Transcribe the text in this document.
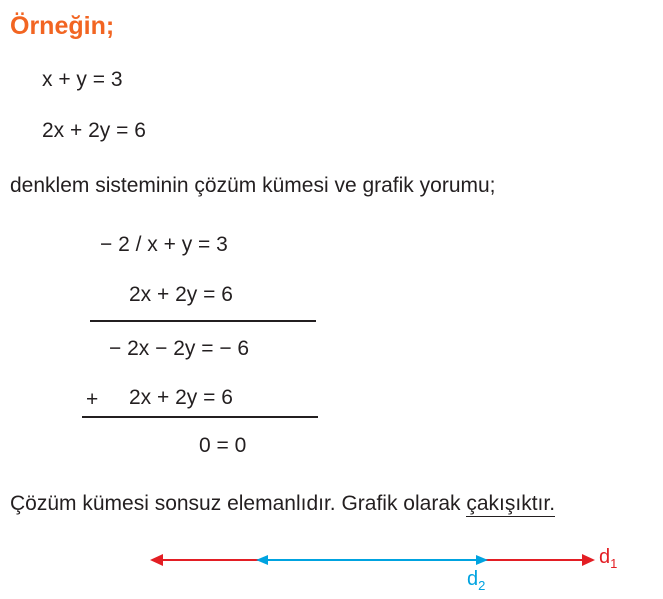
Örneğin;
x + y = 3
2x + 2y = 6
denklem sisteminin çözüm kümesi ve grafik yorumu;
− 2 / x + y = 3
2x + 2y = 6
− 2x − 2y = − 6
+ 2x + 2y = 6
0 = 0
Çözüm kümesi sonsuz elemanlıdır. Grafik olarak çakışıktır.
$d_1$
$d_2$
